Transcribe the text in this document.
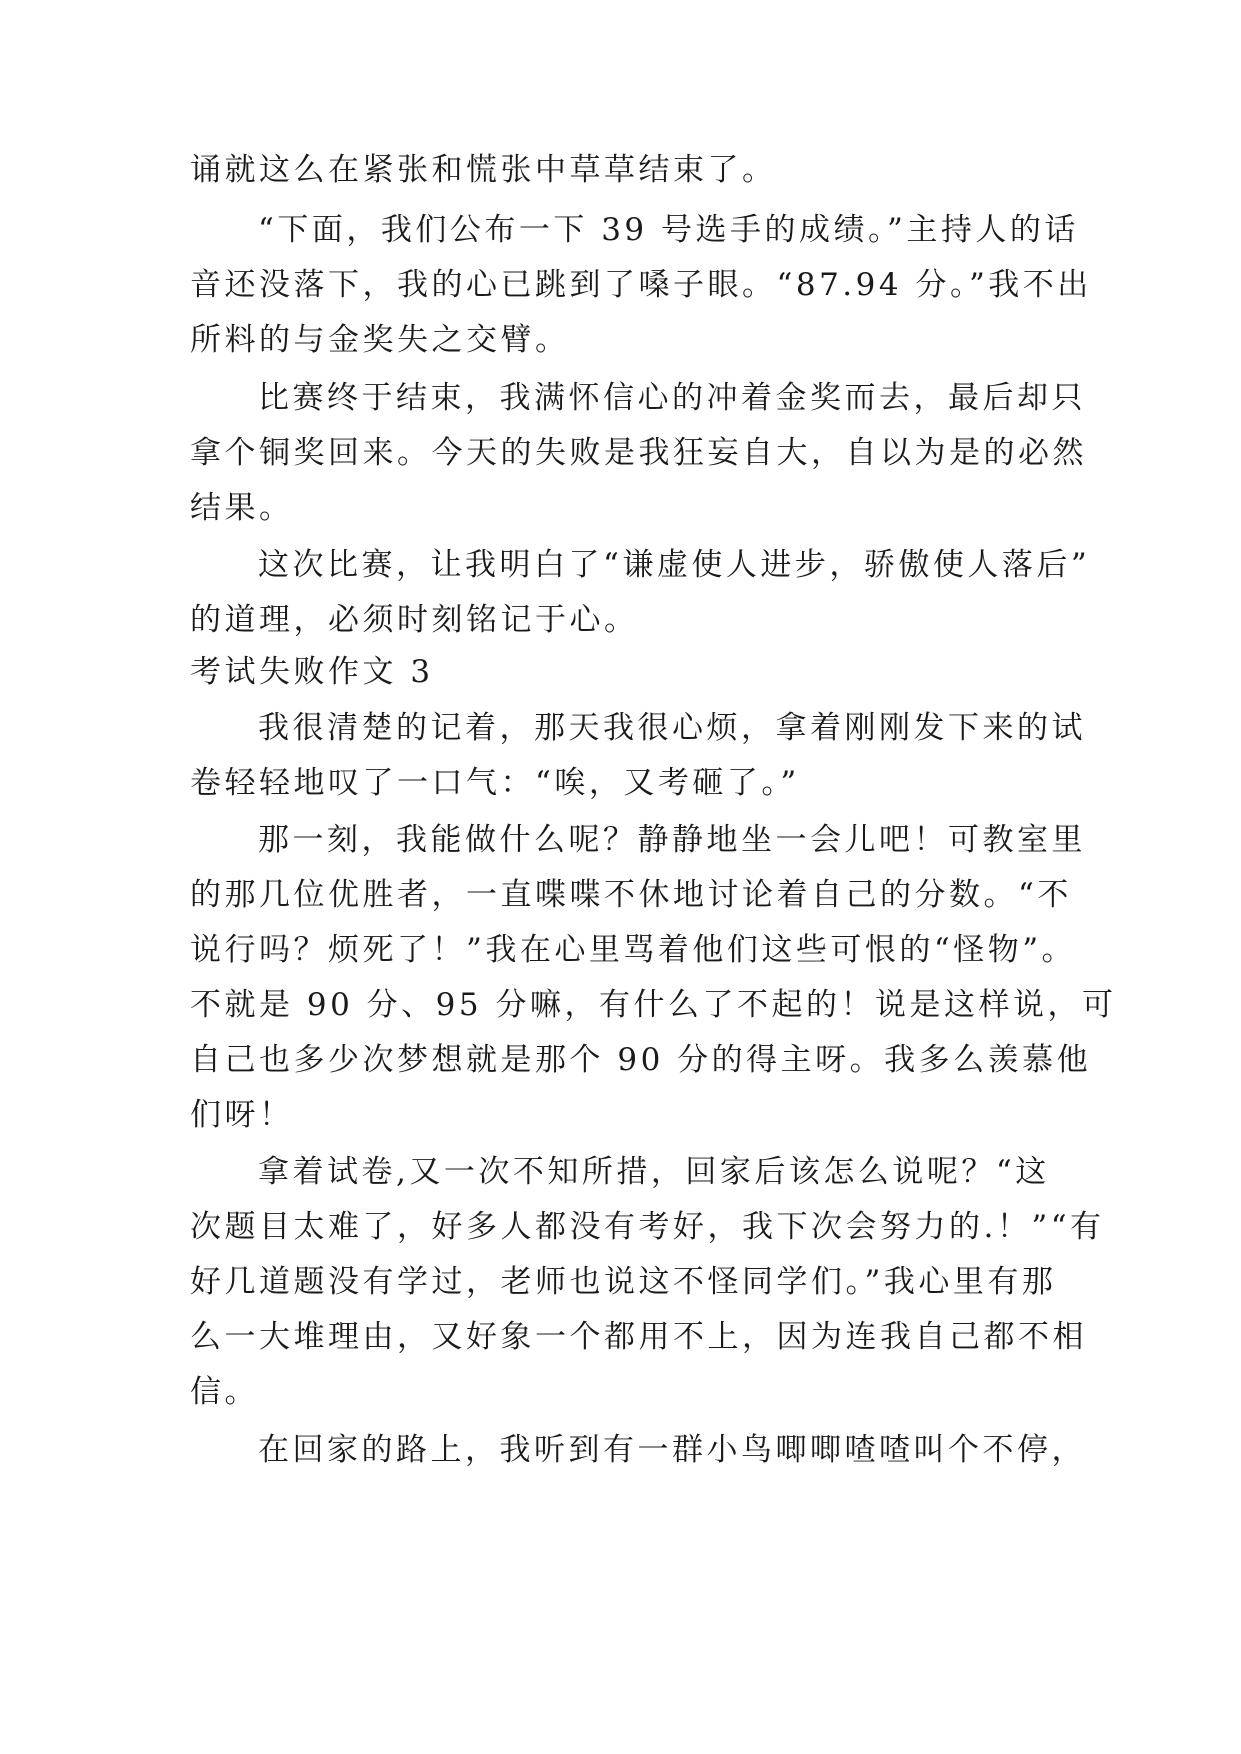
诵就这么在紧张和慌张中草草结束了。
“下面，我们公布一下 39 号选手的成绩。”主持人的话
音还没落下，我的心已跳到了嗓子眼。“87.94 分。”我不出
所料的与金奖失之交臂。
比赛终于结束，我满怀信心的冲着金奖而去，最后却只
拿个铜奖回来。今天的失败是我狂妄自大，自以为是的必然
结果。
这次比赛，让我明白了“谦虚使人进步，骄傲使人落后”
的道理，必须时刻铭记于心。
考试失败作文 3
我很清楚的记着，那天我很心烦，拿着刚刚发下来的试
卷轻轻地叹了一口气：“唉，又考砸了。”
那一刻，我能做什么呢？静静地坐一会儿吧！可教室里
的那几位优胜者，一直喋喋不休地讨论着自己的分数。“不
说行吗？烦死了！”我在心里骂着他们这些可恨的“怪物”。
不就是 90 分、95 分嘛，有什么了不起的！说是这样说，可
自己也多少次梦想就是那个 90 分的得主呀。我多么羡慕他
们呀！
拿着试卷,又一次不知所措，回家后该怎么说呢？“这
次题目太难了，好多人都没有考好，我下次会努力的.！”“有
好几道题没有学过，老师也说这不怪同学们。”我心里有那
么一大堆理由，又好象一个都用不上，因为连我自己都不相
信。
在回家的路上，我听到有一群小鸟唧唧喳喳叫个不停，
